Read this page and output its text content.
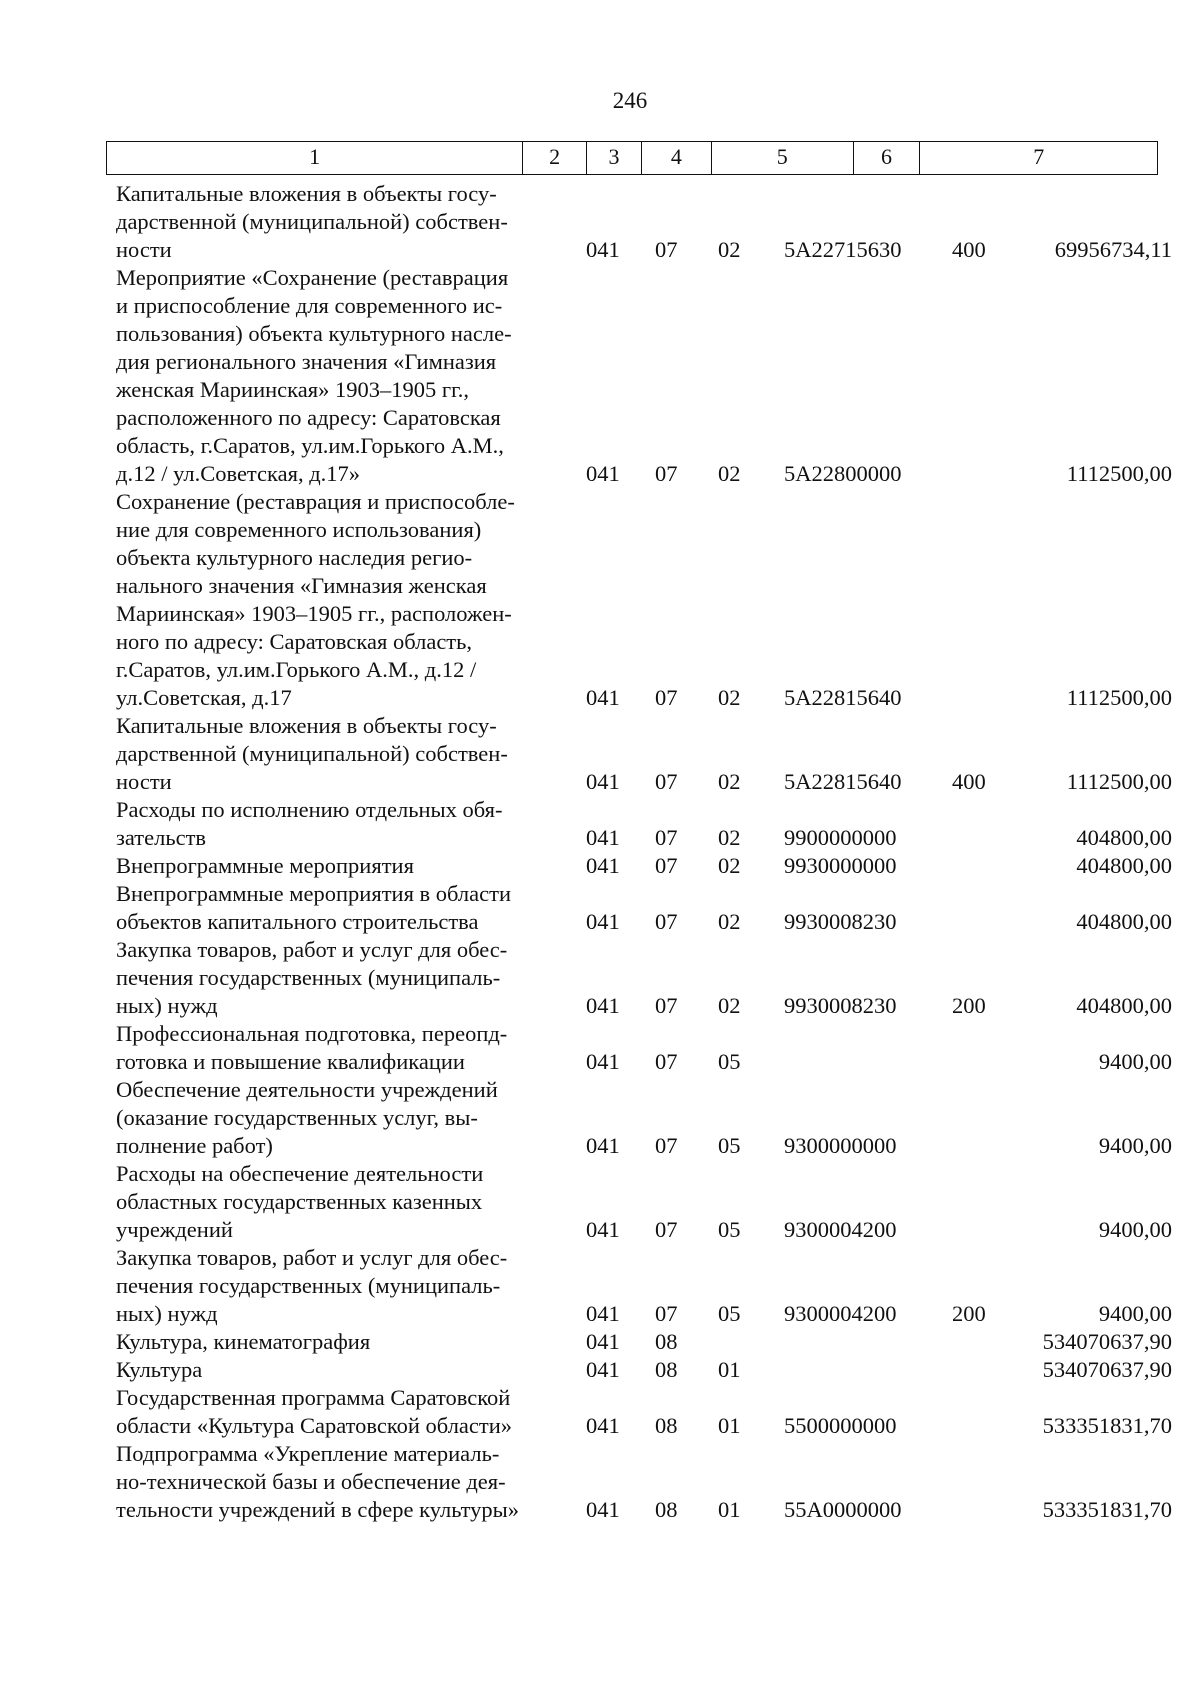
246
1	2	3	4	5	6	7
Капитальные вложения в объекты госу-
дарственной (муниципальной) собствен-
ности	041 07 02 5А22715630 400	69956734,11
Мероприятие «Сохранение (реставрация
и приспособление для современного ис-
пользования) объекта культурного насле-
дия регионального значения «Гимназия
женская Мариинская» 1903–1905 гг.,
расположенного по адресу: Саратовская
область, г.Саратов, ул.им.Горького А.М.,
д.12 / ул.Советская, д.17»	041 07 02 5А22800000	1112500,00
Сохранение (реставрация и приспособле-
ние для современного использования)
объекта культурного наследия регио-
нального значения «Гимназия женская
Мариинская» 1903–1905 гг., расположен-
ного по адресу: Саратовская область,
г.Саратов, ул.им.Горького А.М., д.12 /
ул.Советская, д.17	041 07 02 5А22815640	1112500,00
Капитальные вложения в объекты госу-
дарственной (муниципальной) собствен-
ности	041 07 02 5А22815640 400	1112500,00
Расходы по исполнению отдельных обя-
зательств	041 07 02 9900000000	404800,00
Внепрограммные мероприятия	041 07 02 9930000000	404800,00
Внепрограммные мероприятия в области
объектов капитального строительства	041 07 02 9930008230	404800,00
Закупка товаров, работ и услуг для обес-
печения государственных (муниципаль-
ных) нужд	041 07 02 9930008230 200	404800,00
Профессиональная подготовка, переопд-
готовка и повышение квалификации	041 07 05	9400,00
Обеспечение деятельности учреждений
(оказание государственных услуг, вы-
полнение работ)	041 07 05 9300000000	9400,00
Расходы на обеспечение деятельности
областных государственных казенных
учреждений	041 07 05 9300004200	9400,00
Закупка товаров, работ и услуг для обес-
печения государственных (муниципаль-
ных) нужд	041 07 05 9300004200 200	9400,00
Культура, кинематография	041 08	534070637,90
Культура	041 08 01	534070637,90
Государственная программа Саратовской
области «Культура Саратовской области»	041 08 01 5500000000	533351831,70
Подпрограмма «Укрепление материаль-
но-технической базы и обеспечение дея-
тельности учреждений в сфере культуры»	041 08 01 55А0000000	533351831,70
